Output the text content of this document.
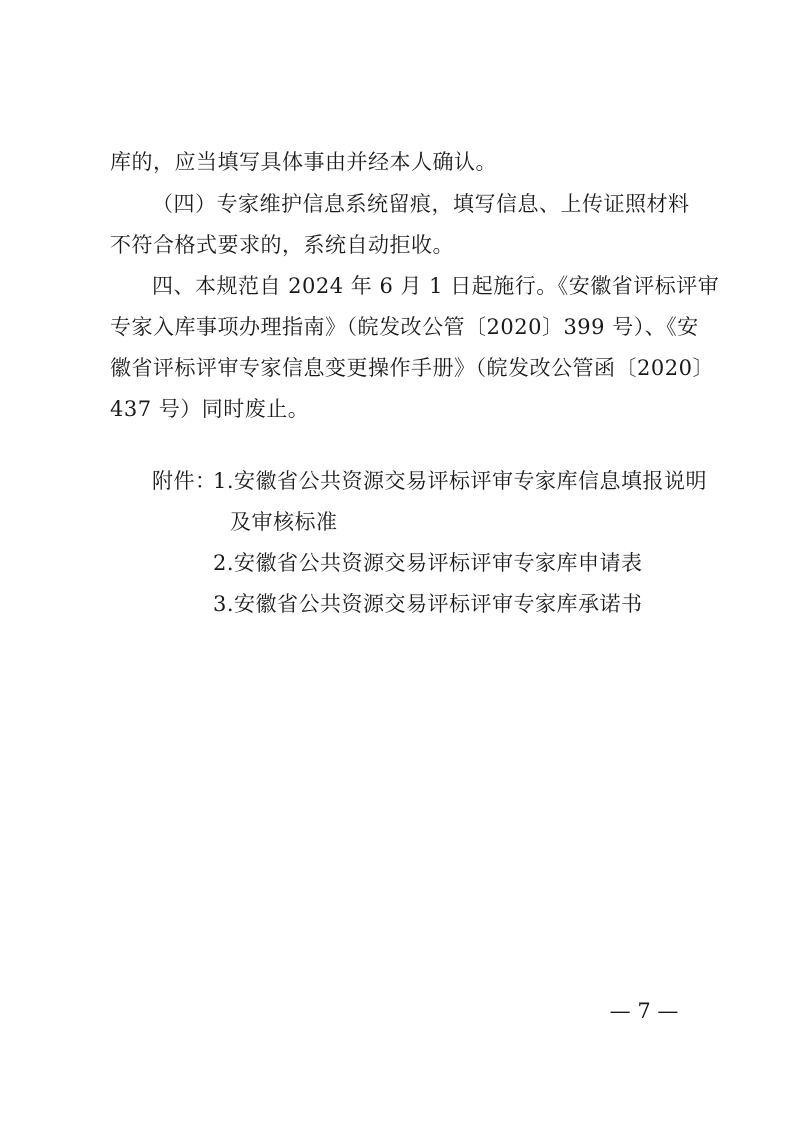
库的，应当填写具体事由并经本人确认。
（四）专家维护信息系统留痕，填写信息、上传证照材料
不符合格式要求的，系统自动拒收。
四、本规范自 2024 年 6 月 1 日起施行。《安徽省评标评审
专家入库事项办理指南》（皖发改公管〔2020〕399 号）、《安
徽省评标评审专家信息变更操作手册》（皖发改公管函〔2020〕
437 号）同时废止。
附件：
1.安徽省公共资源交易评标评审专家库信息填报说明
及审核标准
2.安徽省公共资源交易评标评审专家库申请表
3.安徽省公共资源交易评标评审专家库承诺书
— 7 —
